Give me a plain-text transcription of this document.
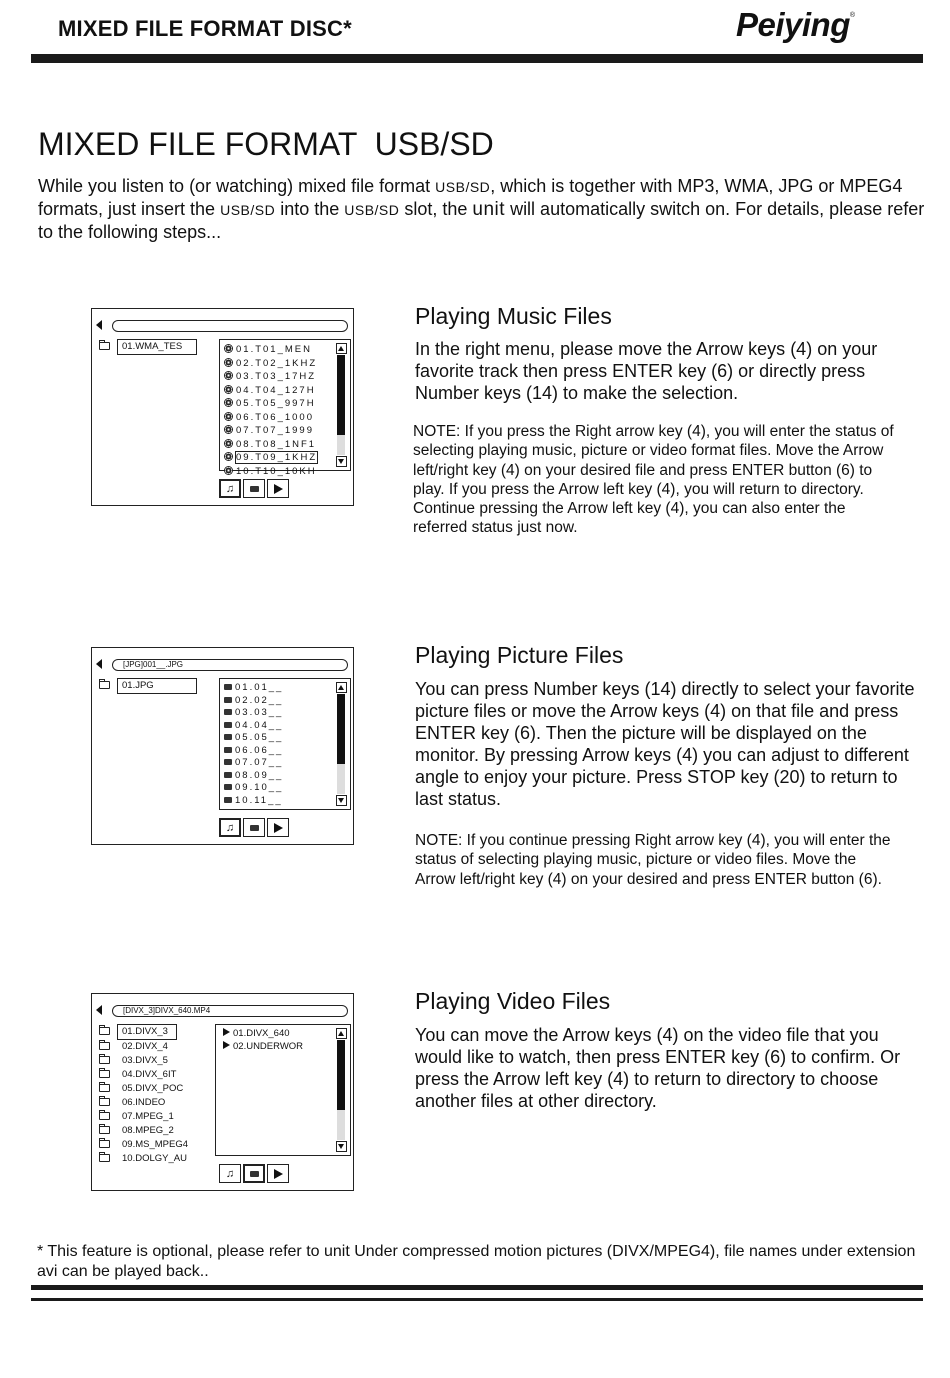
MIXED FILE FORMAT DISC*	Peiying®
MIXED FILE FORMAT  USB/SD
While you listen to (or watching) mixed file format USB/SD, which is together with MP3, WMA, JPG or MPEG4 formats, just insert the USB/SD into the USB/SD slot, the unit will automatically switch on. For details, please refer to the following steps...
01.WMA_TES	01.T01_MEN
02.T02_1KHZ
03.T03_17HZ
04.T04_127H
05.T05_997H
06.T06_1000
07.T07_1999
08.T08_1NF1
09.T09_1KHZ
10.T10_10KH
♫
Playing Music Files
In the right menu, please move the Arrow keys (4) on your favorite track then press ENTER key (6) or directly press Number keys (14) to make the selection.
NOTE: If you press the Right arrow key (4), you will enter the status of selecting playing music, picture or video format files. Move the Arrow left/right key (4) on your desired file and press ENTER button (6) to play. If you press the Arrow left key (4), you will return to directory. Continue pressing the Arrow left key (4), you can also enter the referred status just now.
[JPG]001__.JPG
01.JPG	01.01__
02.02__
03.03__
04.04__
05.05__
06.06__
07.07__
08.09__
09.10__
10.11__
♫
Playing Picture Files
You can press Number keys (14) directly to select your favorite picture files or move the Arrow keys (4) on that file and press ENTER key (6). Then the picture will be displayed on the monitor. By pressing Arrow keys (4) you can adjust to different angle to enjoy your picture. Press STOP key (20) to return to last status.
NOTE: If you continue pressing Right arrow key (4), you will enter the status of selecting playing music, picture or video files. Move the Arrow left/right key (4) on your desired and press ENTER button (6).
[DIVX_3]DIVX_640.MP4
01.DIVX_3
02.DIVX_4
03.DIVX_5
04.DIVX_6IT
05.DIVX_POC
06.INDEO
07.MPEG_1
08.MPEG_2
09.MS_MPEG4
10.DOLGY_AU
01.DIVX_640
02.UNDERWOR
♫
Playing Video Files
You can move the Arrow keys (4) on the video file that you would like to watch, then press ENTER key (6) to confirm. Or press the Arrow left key (4) to return to directory to choose another files at other directory.
* This feature is optional, please refer to unit Under compressed motion pictures (DIVX/MPEG4), file names under extension avi can be played back..
